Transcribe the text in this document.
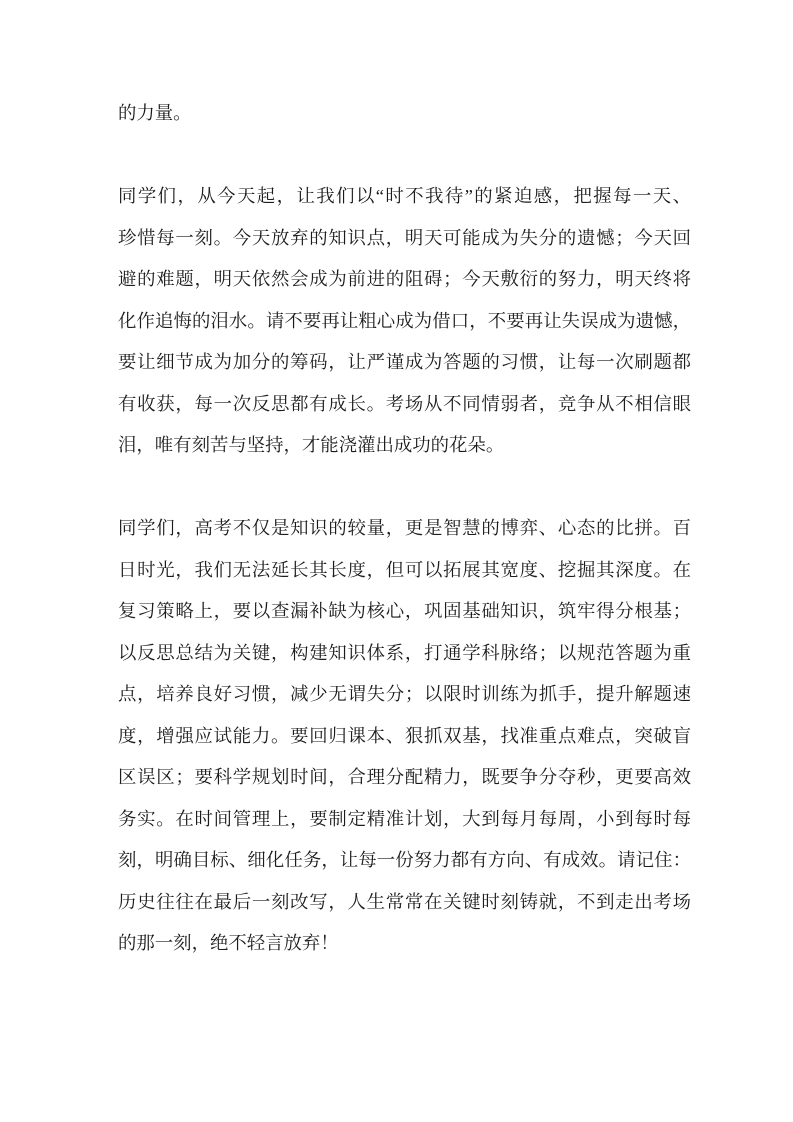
的力量。
同学们，从今天起，让我们以“时不我待”的紧迫感，把握每一天、
珍惜每一刻。今天放弃的知识点，明天可能成为失分的遗憾；今天回
避的难题，明天依然会成为前进的阻碍；今天敷衍的努力，明天终将
化作追悔的泪水。请不要再让粗心成为借口，不要再让失误成为遗憾，
要让细节成为加分的筹码，让严谨成为答题的习惯，让每一次刷题都
有收获，每一次反思都有成长。考场从不同情弱者，竞争从不相信眼
泪，唯有刻苦与坚持，才能浇灌出成功的花朵。
同学们，高考不仅是知识的较量，更是智慧的博弈、心态的比拼。百
日时光，我们无法延长其长度，但可以拓展其宽度、挖掘其深度。在
复习策略上，要以查漏补缺为核心，巩固基础知识，筑牢得分根基；
以反思总结为关键，构建知识体系，打通学科脉络；以规范答题为重
点，培养良好习惯，减少无谓失分；以限时训练为抓手，提升解题速
度，增强应试能力。要回归课本、狠抓双基，找准重点难点，突破盲
区误区；要科学规划时间，合理分配精力，既要争分夺秒，更要高效
务实。在时间管理上，要制定精准计划，大到每月每周，小到每时每
刻，明确目标、细化任务，让每一份努力都有方向、有成效。请记住：
历史往往在最后一刻改写，人生常常在关键时刻铸就，不到走出考场
的那一刻，绝不轻言放弃！
